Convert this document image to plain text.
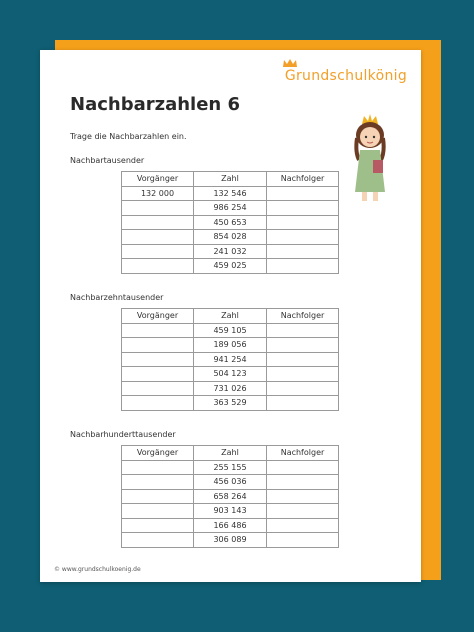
Grundschulkönig
Nachbarzahlen 6
Trage die Nachbarzahlen ein.
Nachbartausender
Vorgänger	Zahl	Nachfolger
132 000	132 546	
	986 254	
	450 653	
	854 028	
	241 032	
	459 025	
Nachbarzehntausender
Vorgänger	Zahl	Nachfolger
	459 105	
	189 056	
	941 254	
	504 123	
	731 026	
	363 529	
Nachbarhunderttausender
Vorgänger	Zahl	Nachfolger
	255 155	
	456 036	
	658 264	
	903 143	
	166 486	
	306 089	
© www.grundschulkoenig.de
